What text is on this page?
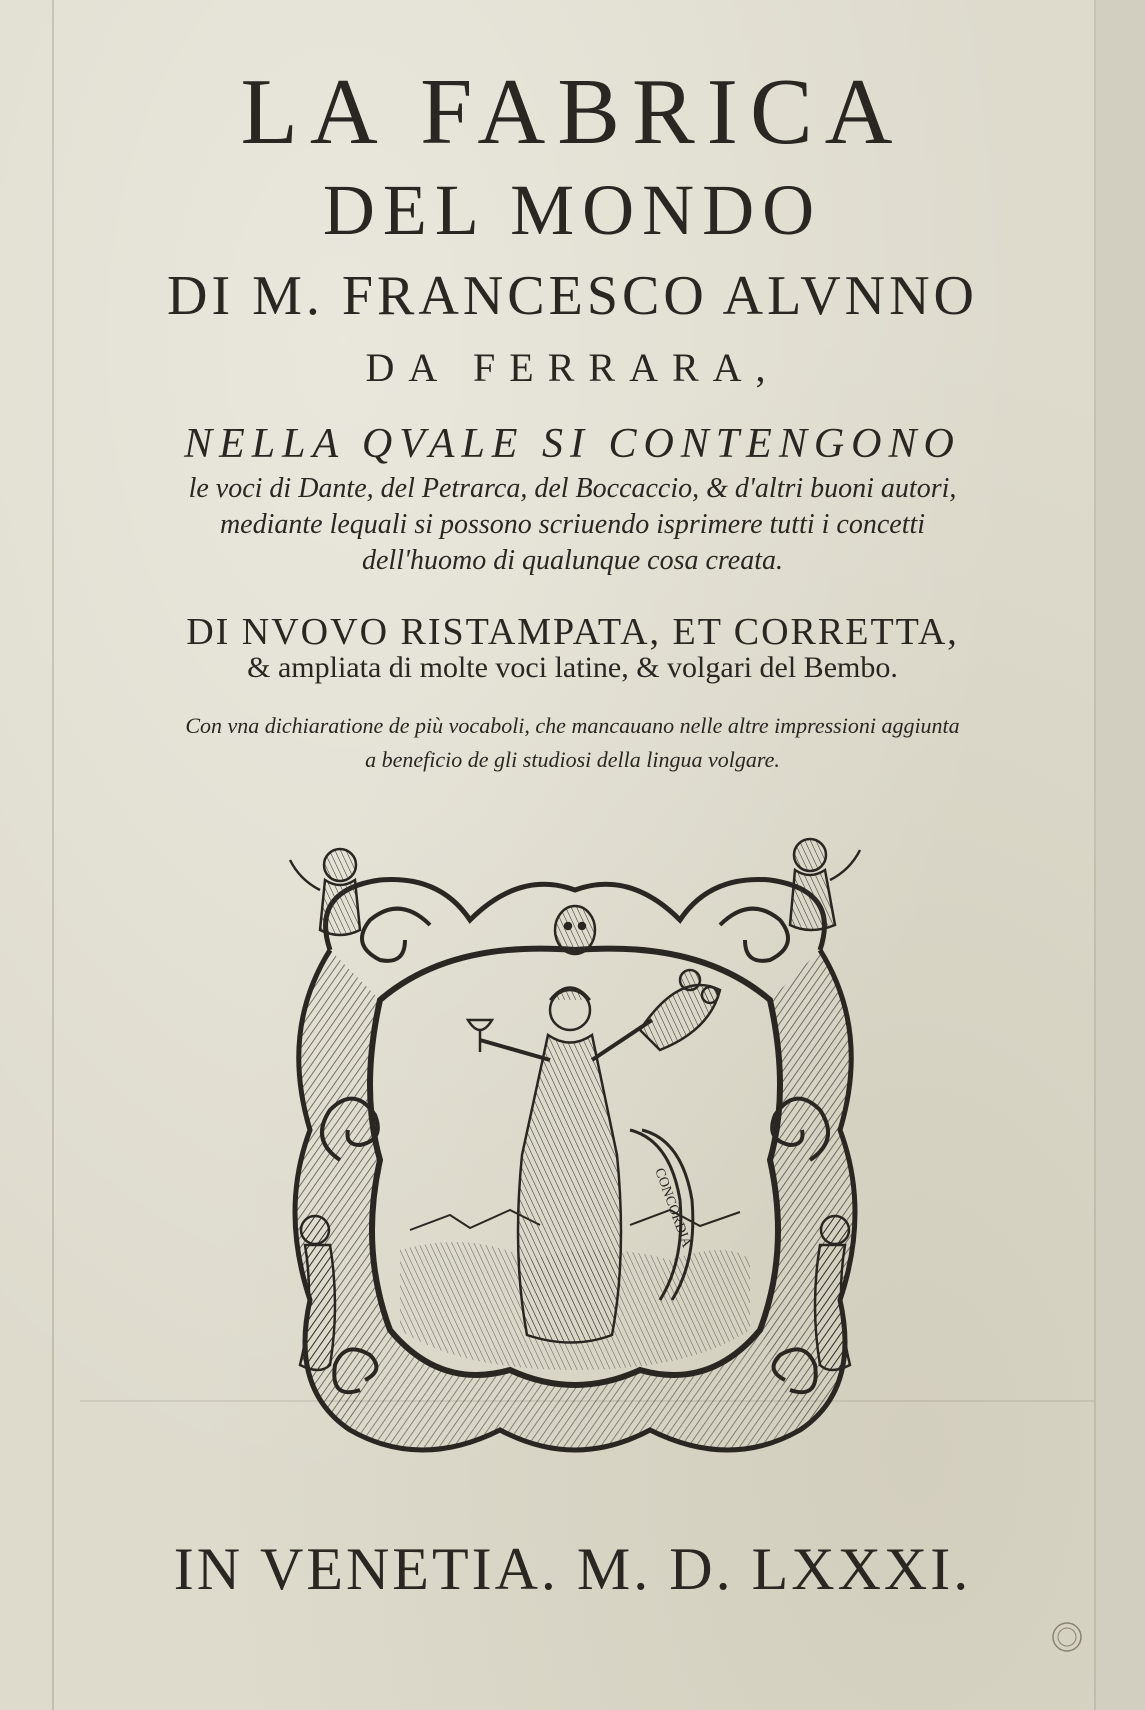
LA FABRICA
DEL MONDO
DI M. FRANCESCO ALVNNO
DA FERRARA,
NELLA QVALE SI CONTENGONO
le voci di Dante, del Petrarca, del Boccaccio, & d'altri buoni autori,
mediante lequali si possono scriuendo isprimere tutti i concetti
dell'huomo di qualunque cosa creata.
DI NVOVO RISTAMPATA, ET CORRETTA,
& ampliata di molte voci latine, & volgari del Bembo.
Con vna dichiaratione de più vocaboli, che mancauano nelle altre impressioni aggiunta
a beneficio de gli studiosi della lingua volgare.
CONCORDIA
IN VENETIA. M. D. LXXXI.
